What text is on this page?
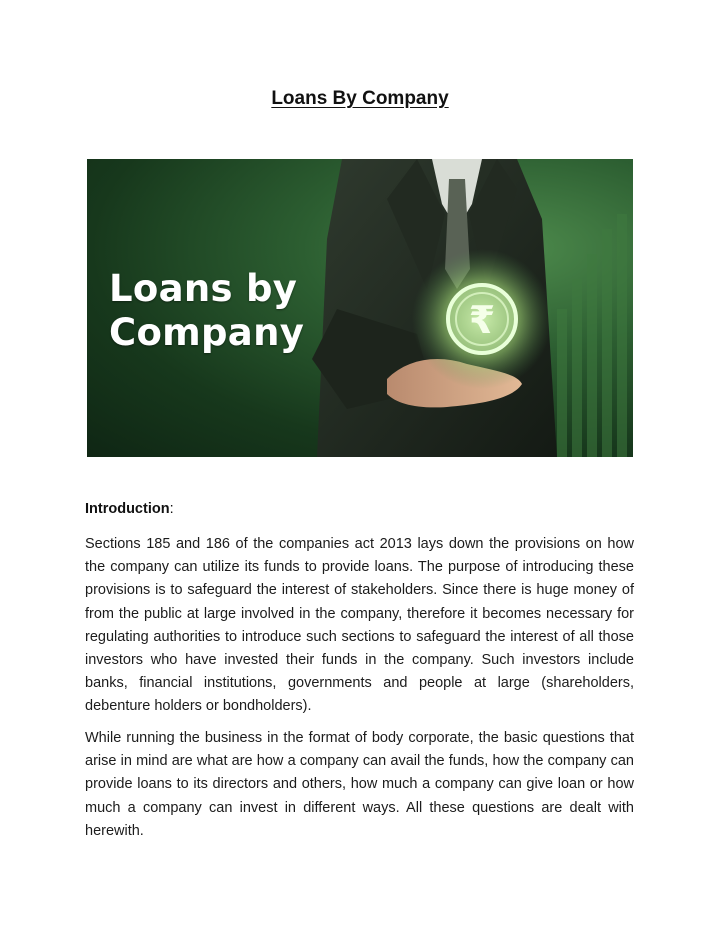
Loans By Company
₹
Loans by
Company
Introduction:

Sections 185 and 186 of the companies act 2013 lays down the provisions on how the company can utilize its funds to provide loans. The purpose of introducing these provisions is to safeguard the interest of stakeholders. Since there is huge money of from the public at large involved in the company, therefore it becomes necessary for regulating authorities to introduce such sections to safeguard the interest of all those investors who have invested their funds in the company. Such investors include banks, financial institutions, governments and people at large (shareholders, debenture holders or bondholders).

While running the business in the format of body corporate, the basic questions that arise in mind are what are how a company can avail the funds, how the company can provide loans to its directors and others, how much a company can give loan or how much a company can invest in different ways. All these questions are dealt with herewith.
